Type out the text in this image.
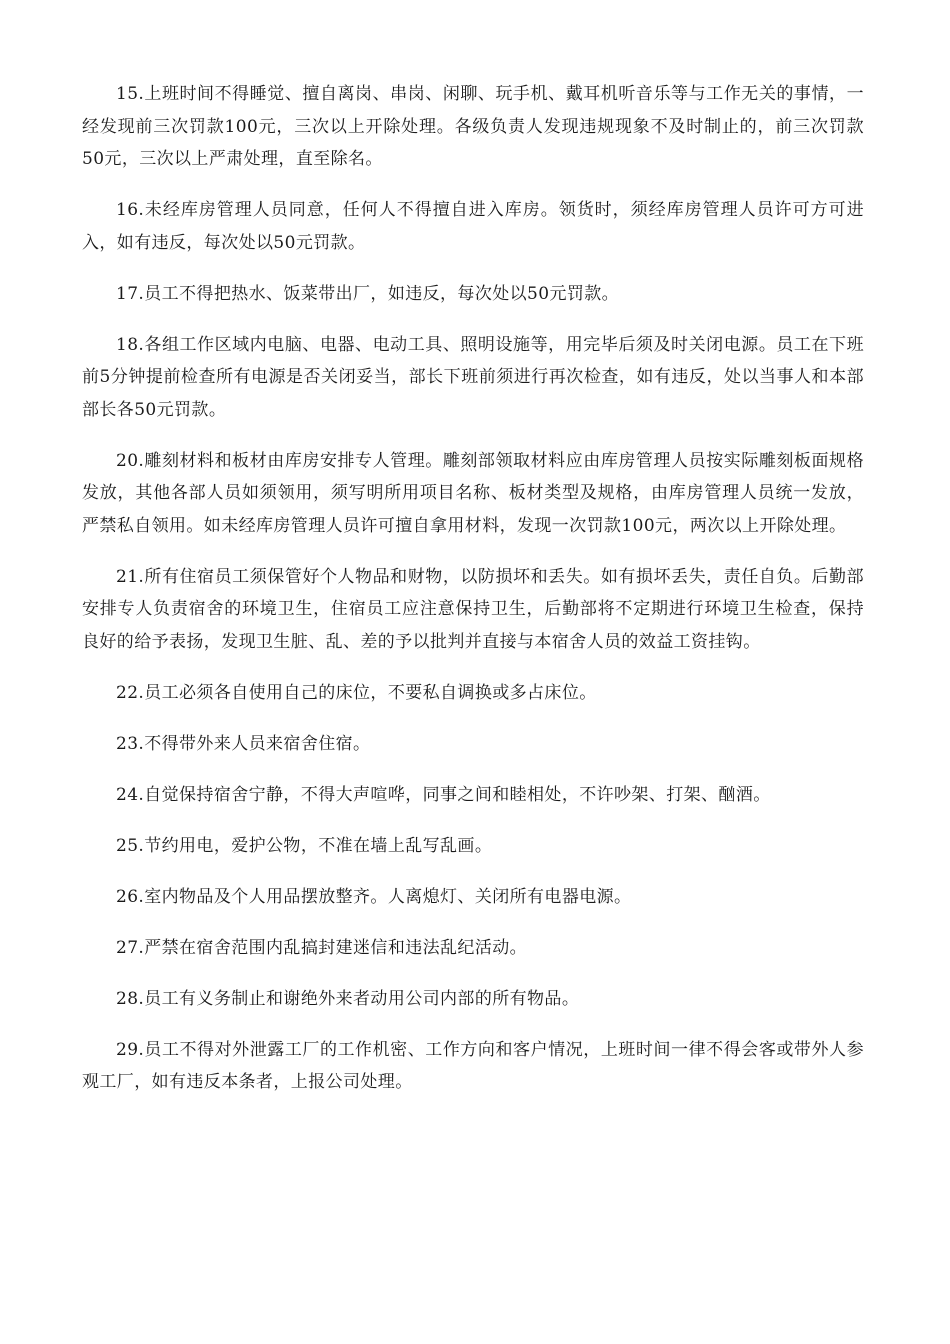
15.上班时间不得睡觉、擅自离岗、串岗、闲聊、玩手机、戴耳机听音乐等与工作无关的事情，一经发现前三次罚款100元，三次以上开除处理。各级负责人发现违规现象不及时制止的，前三次罚款50元，三次以上严肃处理，直至除名。

16.未经库房管理人员同意，任何人不得擅自进入库房。领货时，须经库房管理人员许可方可进入，如有违反，每次处以50元罚款。

17.员工不得把热水、饭菜带出厂，如违反，每次处以50元罚款。

18.各组工作区域内电脑、电器、电动工具、照明设施等，用完毕后须及时关闭电源。员工在下班前5分钟提前检查所有电源是否关闭妥当，部长下班前须进行再次检查，如有违反，处以当事人和本部部长各50元罚款。

20.雕刻材料和板材由库房安排专人管理。雕刻部领取材料应由库房管理人员按实际雕刻板面规格发放，其他各部人员如须领用，须写明所用项目名称、板材类型及规格，由库房管理人员统一发放，严禁私自领用。如未经库房管理人员许可擅自拿用材料，发现一次罚款100元，两次以上开除处理。

21.所有住宿员工须保管好个人物品和财物，以防损坏和丢失。如有损坏丢失，责任自负。后勤部安排专人负责宿舍的环境卫生，住宿员工应注意保持卫生，后勤部将不定期进行环境卫生检查，保持良好的给予表扬，发现卫生脏、乱、差的予以批判并直接与本宿舍人员的效益工资挂钩。

22.员工必须各自使用自己的床位，不要私自调换或多占床位。

23.不得带外来人员来宿舍住宿。

24.自觉保持宿舍宁静，不得大声喧哗，同事之间和睦相处，不许吵架、打架、酗酒。

25.节约用电，爱护公物，不准在墙上乱写乱画。

26.室内物品及个人用品摆放整齐。人离熄灯、关闭所有电器电源。

27.严禁在宿舍范围内乱搞封建迷信和违法乱纪活动。

28.员工有义务制止和谢绝外来者动用公司内部的所有物品。

29.员工不得对外泄露工厂的工作机密、工作方向和客户情况，上班时间一律不得会客或带外人参观工厂，如有违反本条者，上报公司处理。
